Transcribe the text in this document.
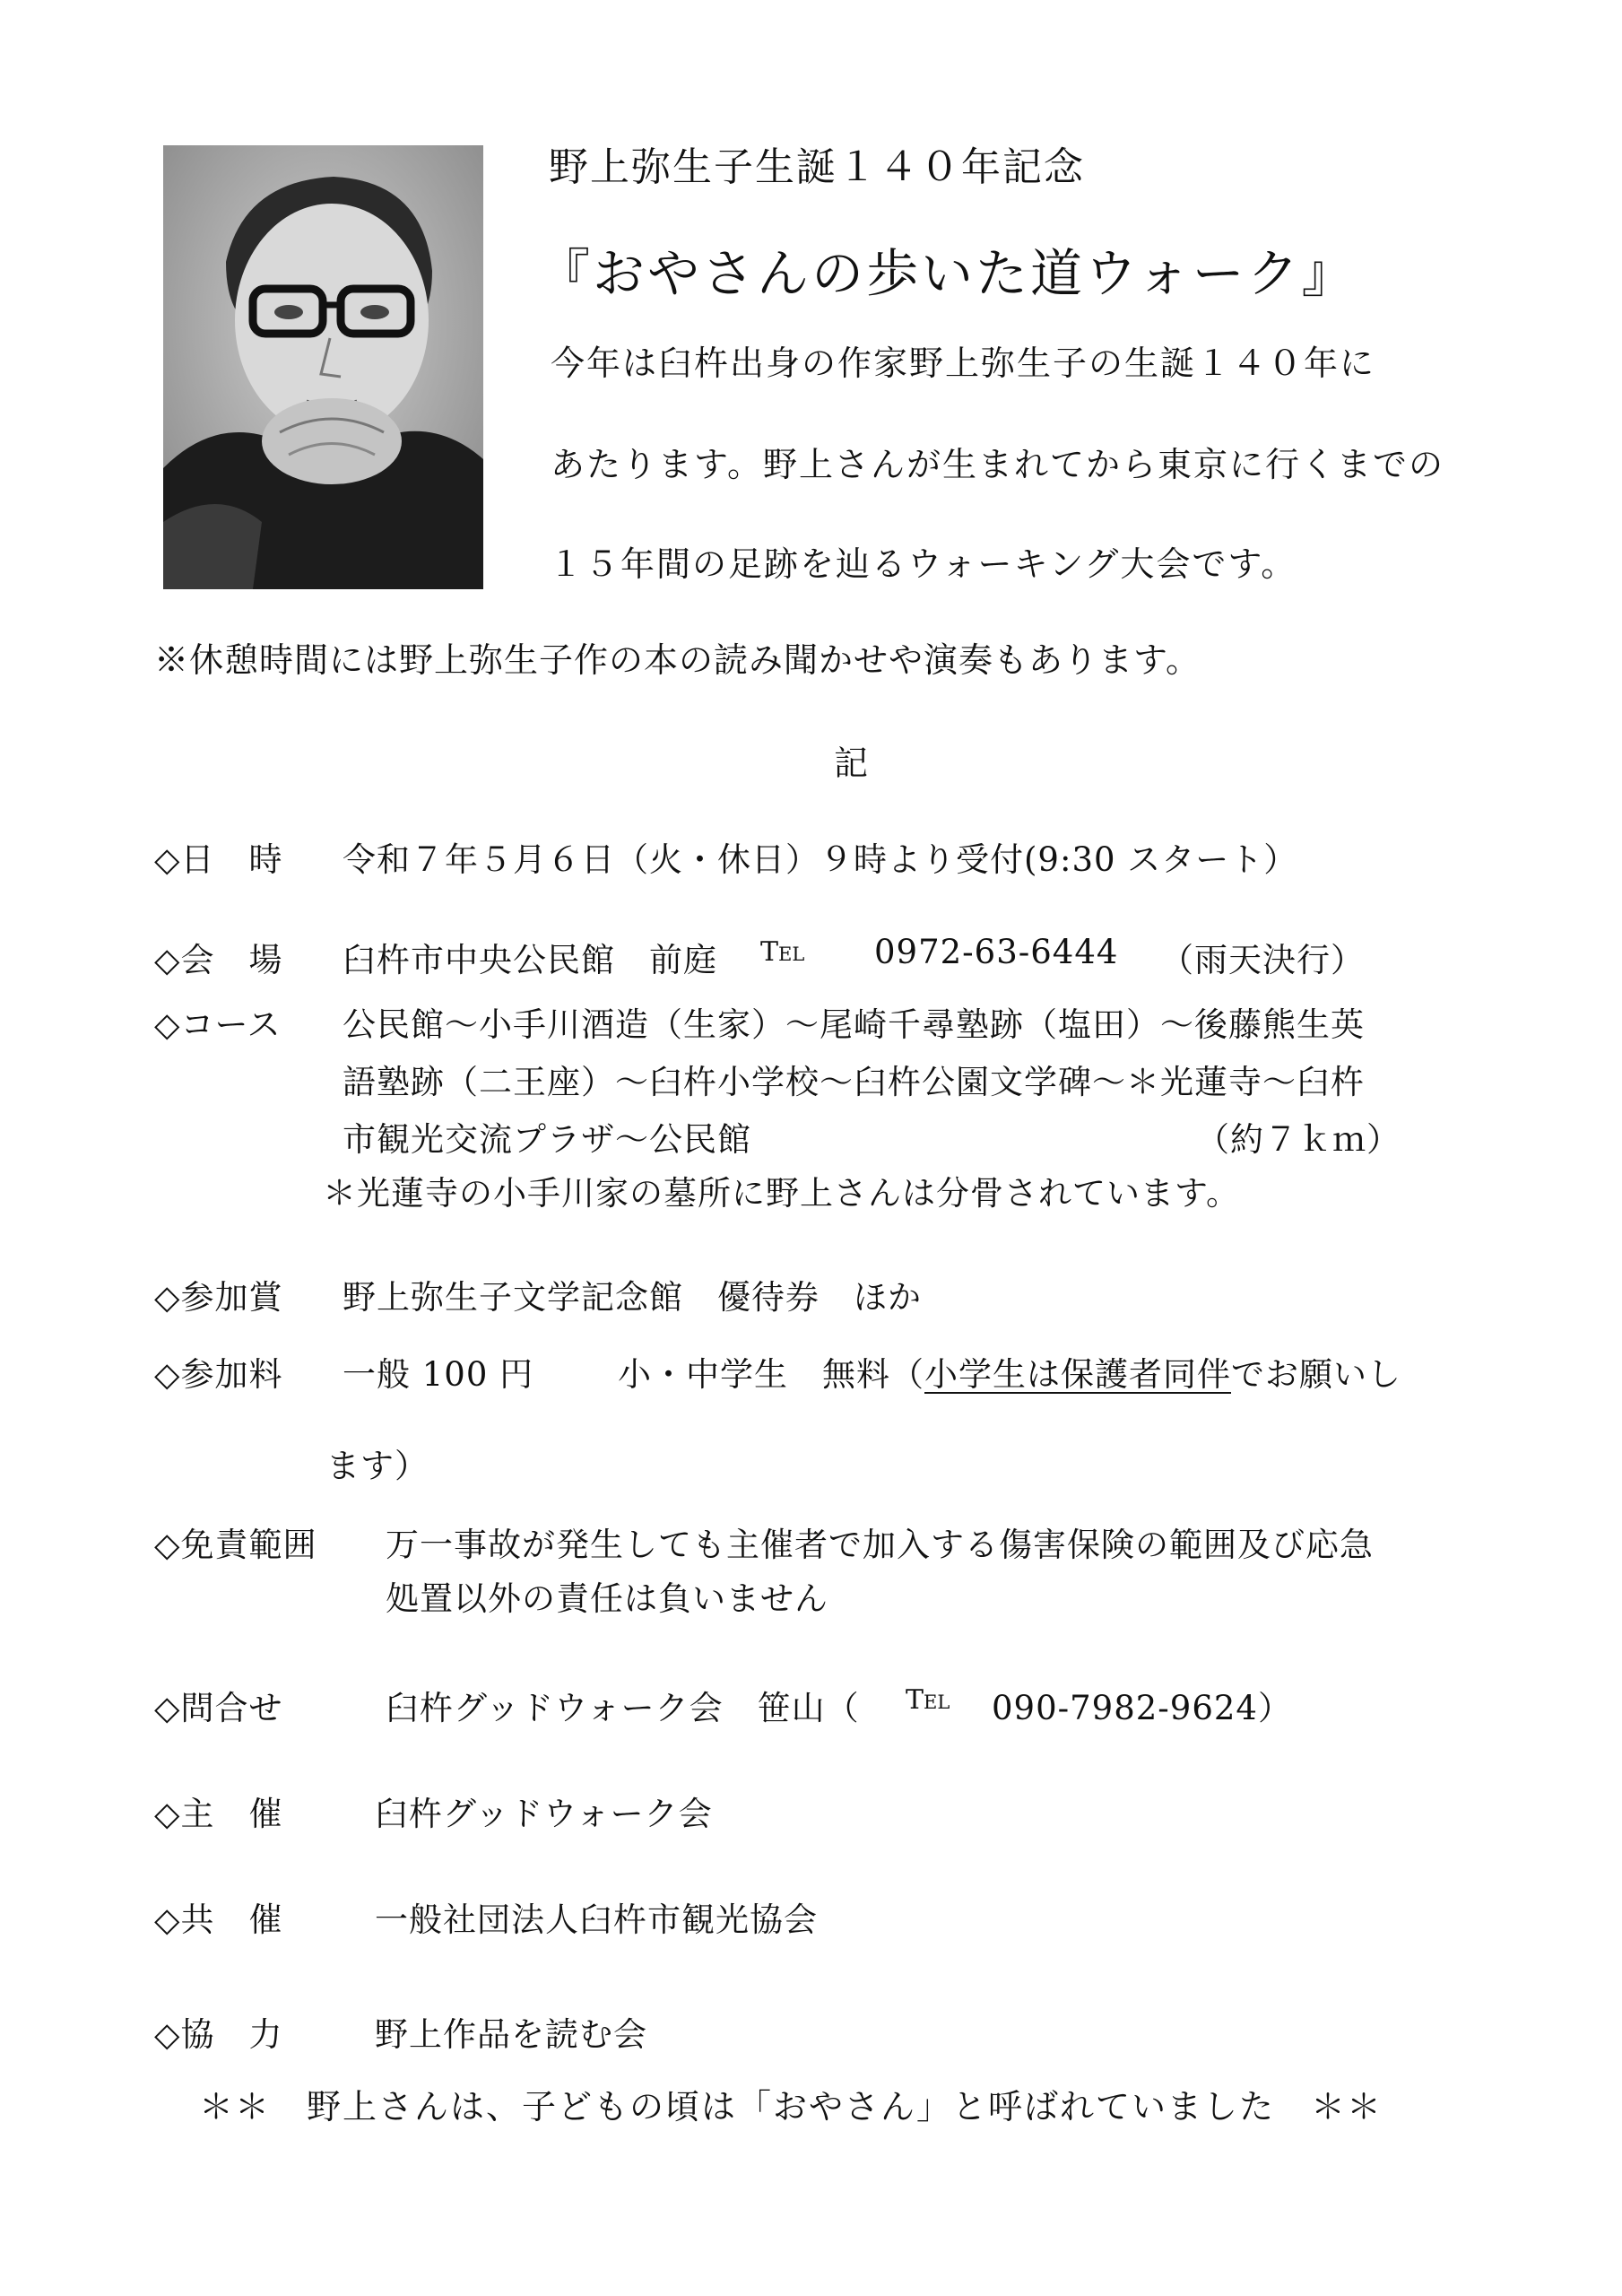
野上弥生子生誕１４０年記念
『おやさんの歩いた道ウォーク』
今年は臼杵出身の作家野上弥生子の生誕１４０年に
あたります。野上さんが生まれてから東京に行くまでの
１５年間の足跡を辿るウォーキング大会です。
※休憩時間には野上弥生子作の本の読み聞かせや演奏もあります。
記
◇日　時 令和７年５月６日（火・休日）９時より受付(9:30 スタート）
◇会　場 臼杵市中央公民館　前庭 Tel 0972-63-6444 （雨天決行）
◇コース 公民館〜小手川酒造（生家）〜尾崎千尋塾跡（塩田）〜後藤熊生英
語塾跡（二王座）〜臼杵小学校〜臼杵公園文学碑〜＊光蓮寺〜臼杵
市観光交流プラザ〜公民館	（約７ｋｍ）
＊光蓮寺の小手川家の墓所に野上さんは分骨されています。
◇参加賞 野上弥生子文学記念館　優待券　ほか
◇参加料 一般 100 円	小・中学生　無料（小学生は保護者同伴でお願いし
ます）
◇免責範囲 万一事故が発生しても主催者で加入する傷害保険の範囲及び応急
処置以外の責任は負いません
◇問合せ	臼杵グッドウォーク会　笹山（ Tel 090-7982-9624）
◇主　催	臼杵グッドウォーク会
◇共　催	一般社団法人臼杵市観光協会
◇協　力	野上作品を読む会
＊＊　野上さんは、子どもの頃は「おやさん」と呼ばれていました　＊＊
